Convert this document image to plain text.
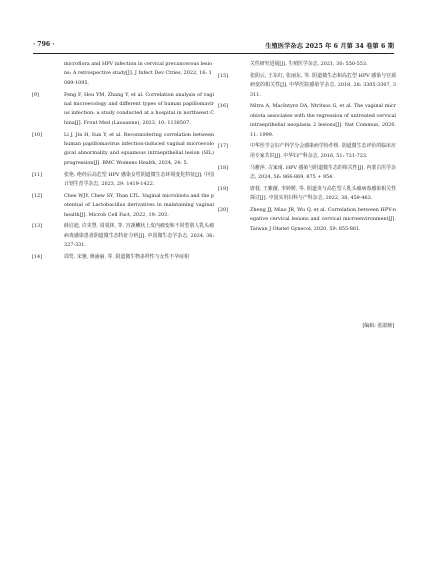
· 796 ·	生殖医学杂志 2025 年 6 月第 34 卷第 6 期
microflora and HPV infection in cervical precancerous lesions: A retrospective study[J]. J Infect Dev Ctries, 2022, 16: 1089-1095.
[9]	Feng F, Hou YM, Zhang Y, et al. Correlation analysis of vaginal microecology and different types of human papillomavirus infection: a study conducted at a hospital in northwest China[J]. Front Med (Lausanne), 2023, 10: 1138507.
[10]	Li J, Jin H, Sun Y, et al. Reconnoitering correlation between human papillomavirus infection-induced vaginal microecological abnormality and squamous intraepithelial lesion (SIL) progression[J]. BMC Womens Health, 2024, 24: 5.
[11]	张艳. 绝经后高危型 HPV 感染女性阴道微生态环境变化特征[J]. 中国计划生育学杂志, 2023, 29: 1419-1422.
[12]	Chee WJY, Chew SY, Than LTL. Vaginal microbiota and the potential of Lactobacillus derivatives in maintaining vaginal health[J]. Microb Cell Fact, 2022, 19: 203.
[13]	薛启迪, 许美慧, 周曼林, 等. 宫颈鳞状上皮内瘤变和不同型别人乳头瘤病毒感染患者阴道微生态特征分析[J]. 中国微生态学杂志, 2024, 36: 327-331.
[14]	周莺, 宋驰, 蒋涵丽, 等. 阴道微生物多样性与女性不孕症相
关性研究进展[J]. 生殖医学杂志, 2021, 30: 550-553.
[15]	张阴云, 王东红, 张丽东, 等. 阴道微生态和高危型 HPV 感染与宫颈病变的相关性[J]. 中华医院感染学杂志, 2018, 28: 3305-3307, 3311.
[16]	Mitra A, MacIntyre DA, Ntritsos G, et al. The vaginal microbiota associates with the regression of untreated cervical intraepithelial neoplasia 2 lesions[J]. Nat Commun, 2020, 11: 1999.
[17]	中华医学会妇产科学分会感染病学协作组. 阴道微生态评价的临床应用专家共识[J]. 中华妇产科杂志, 2016, 51: 721-723.
[18]	马雅萍, 古家南. HPV 感染与阴道微生态的相关性[J]. 内蒙古医学杂志, 2024, 56: 866-869, 875 + 954.
[19]	唐枝, 王紫薇, 李婷媛, 等. 阴道炎与高危型人乳头瘤病毒感染相关性探讨[J]. 中国实用妇科与产科杂志, 2022, 38, 459-463.
[20]	Zheng JJ, Miao JR, Wu Q, et al. Correlation between HPV-negative cervical lesions and cervical microenvironment[J]. Taiwan J Obstet Gynecol, 2020, 59: 855-861.
[编辑: 张淑婉]
